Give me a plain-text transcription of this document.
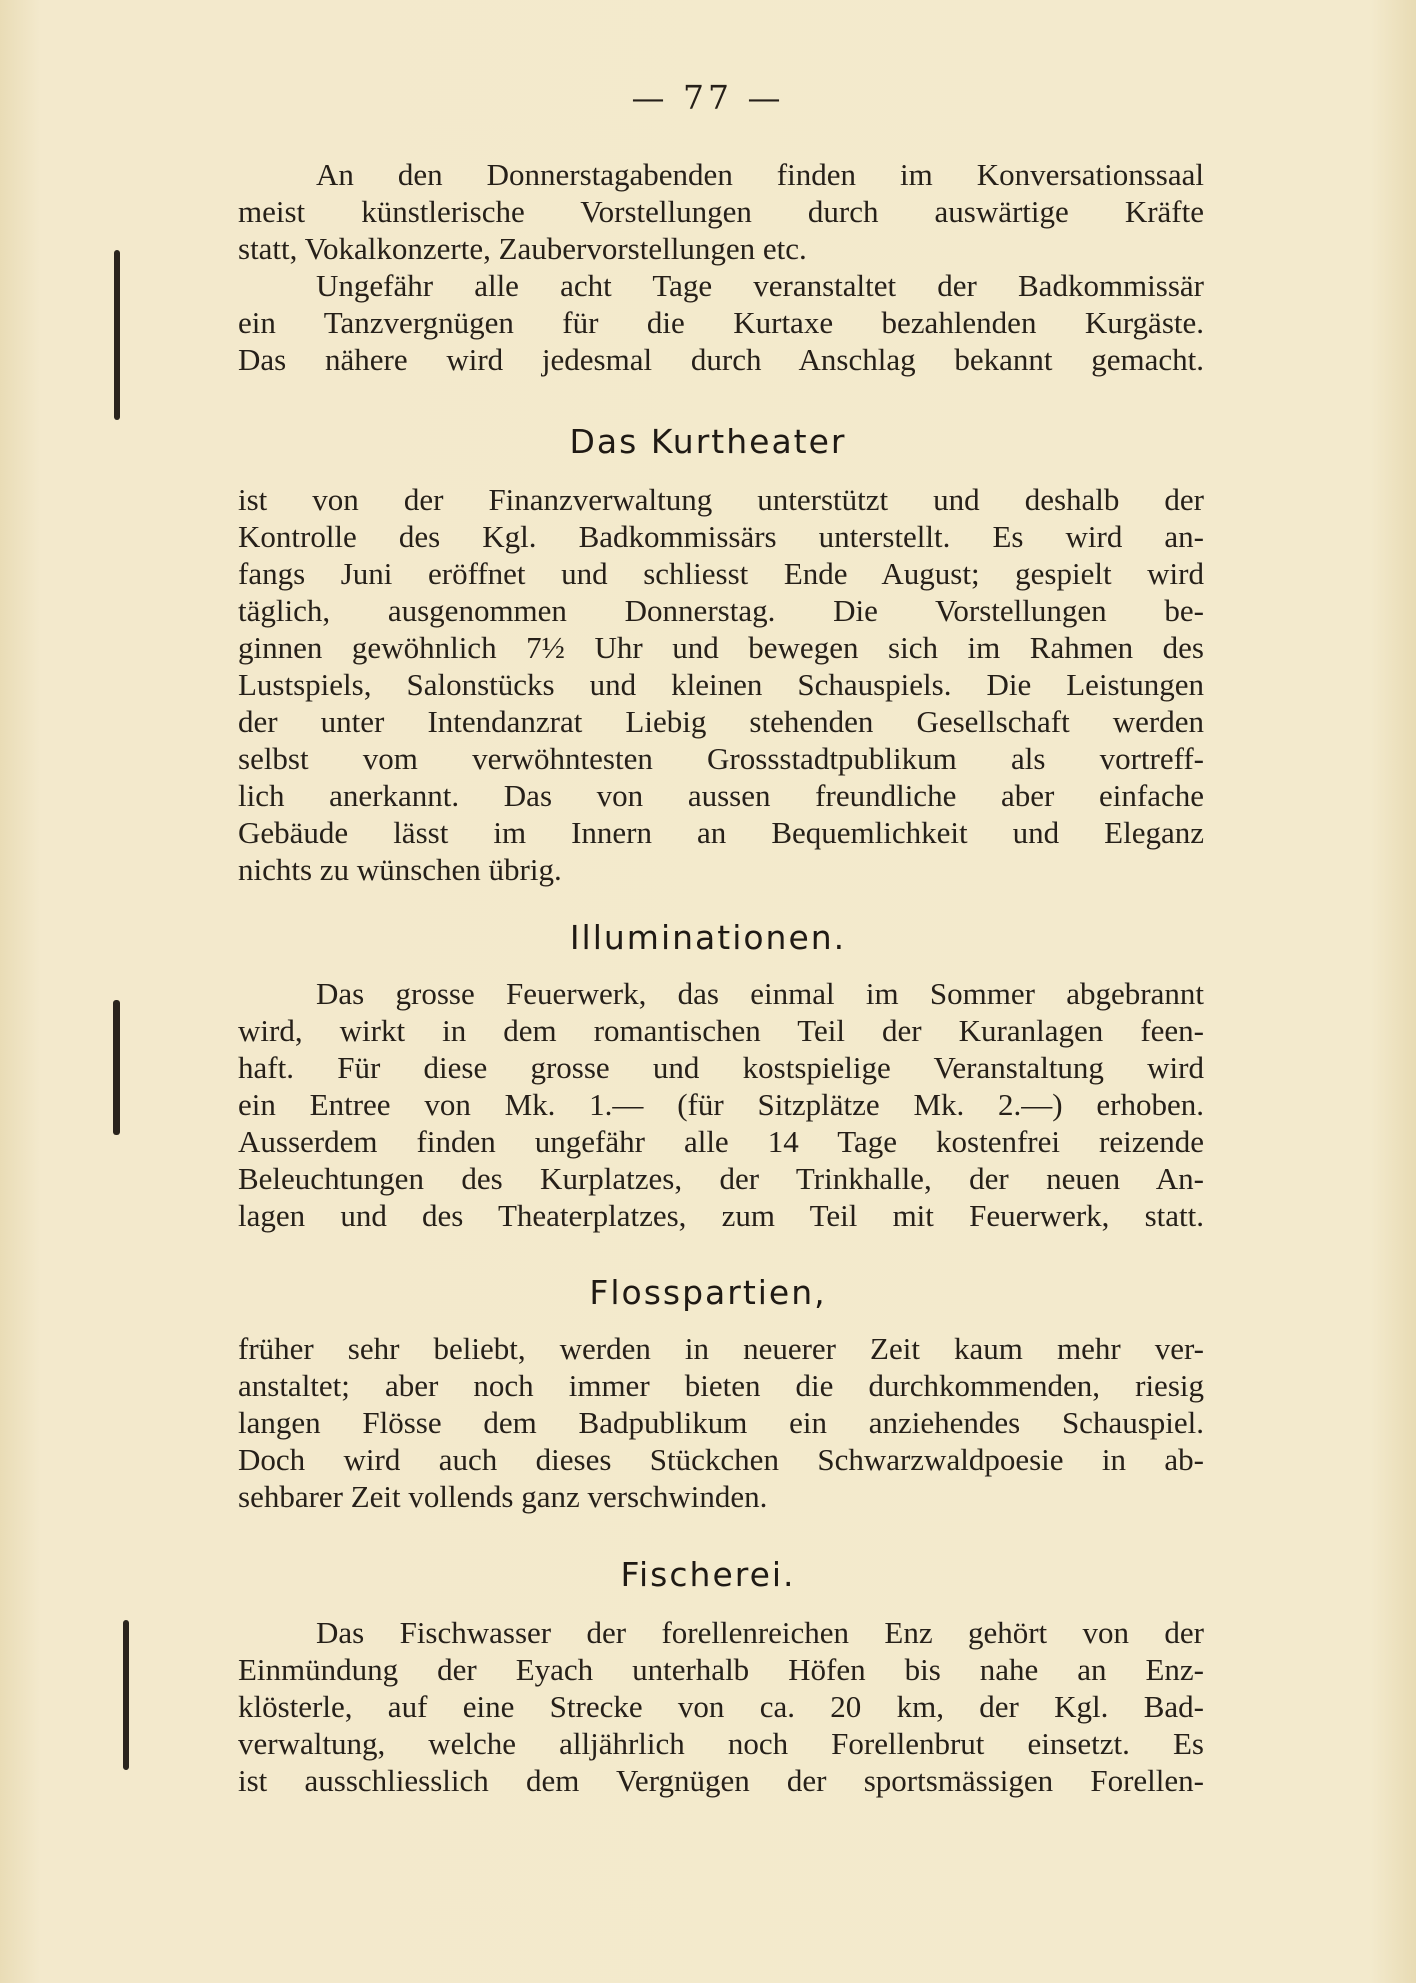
— 77 —
An den Donnerstagabenden finden im Konversationssaal
meist künstlerische Vorstellungen durch auswärtige Kräfte
statt, Vokalkonzerte, Zaubervorstellungen etc.
Ungefähr alle acht Tage veranstaltet der Badkommissär
ein Tanzvergnügen für die Kurtaxe bezahlenden Kurgäste.
Das nähere wird jedesmal durch Anschlag bekannt gemacht.
Das Kurtheater
ist von der Finanzverwaltung unterstützt und deshalb der
Kontrolle des Kgl. Badkommissärs unterstellt. Es wird an-
fangs Juni eröffnet und schliesst Ende August; gespielt wird
täglich, ausgenommen Donnerstag. Die Vorstellungen be-
ginnen gewöhnlich 7½ Uhr und bewegen sich im Rahmen des
Lustspiels, Salonstücks und kleinen Schauspiels. Die Leistungen
der unter Intendanzrat Liebig stehenden Gesellschaft werden
selbst vom verwöhntesten Grossstadtpublikum als vortreff-
lich anerkannt. Das von aussen freundliche aber einfache
Gebäude lässt im Innern an Bequemlichkeit und Eleganz
nichts zu wünschen übrig.
Illuminationen.
Das grosse Feuerwerk, das einmal im Sommer abgebrannt
wird, wirkt in dem romantischen Teil der Kuranlagen feen-
haft. Für diese grosse und kostspielige Veranstaltung wird
ein Entree von Mk. 1.— (für Sitzplätze Mk. 2.—) erhoben.
Ausserdem finden ungefähr alle 14 Tage kostenfrei reizende
Beleuchtungen des Kurplatzes, der Trinkhalle, der neuen An-
lagen und des Theaterplatzes, zum Teil mit Feuerwerk, statt.
Flosspartien,
früher sehr beliebt, werden in neuerer Zeit kaum mehr ver-
anstaltet; aber noch immer bieten die durchkommenden, riesig
langen Flösse dem Badpublikum ein anziehendes Schauspiel.
Doch wird auch dieses Stückchen Schwarzwaldpoesie in ab-
sehbarer Zeit vollends ganz verschwinden.
Fischerei.
Das Fischwasser der forellenreichen Enz gehört von der
Einmündung der Eyach unterhalb Höfen bis nahe an Enz-
klösterle, auf eine Strecke von ca. 20 km, der Kgl. Bad-
verwaltung, welche alljährlich noch Forellenbrut einsetzt. Es
ist ausschliesslich dem Vergnügen der sportsmässigen Forellen-
